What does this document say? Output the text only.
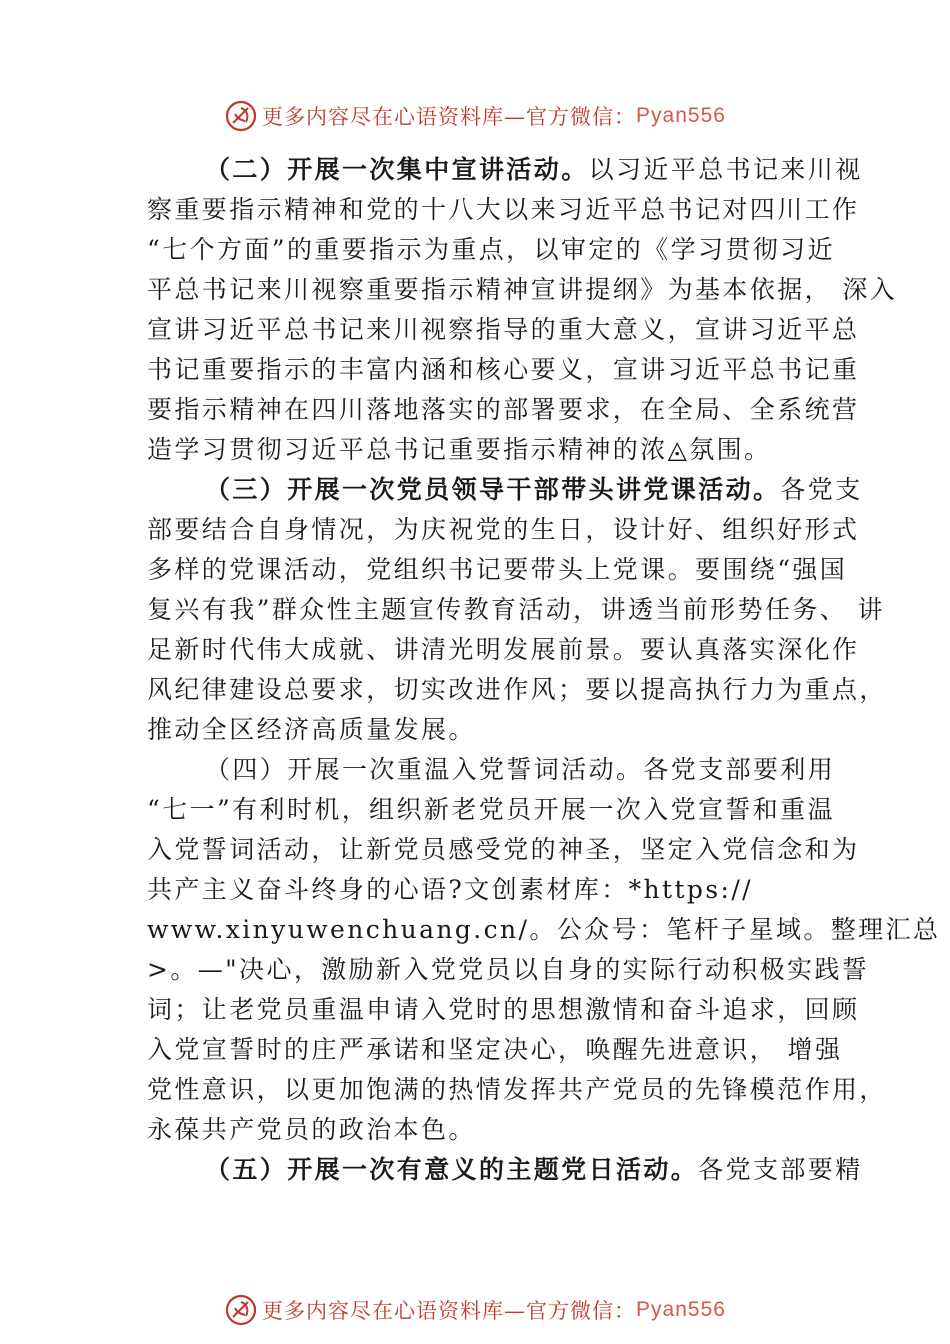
更多内容尽在心语资料库—官方微信： Pyan556
（二）开展一次集中宣讲活动。以习近平总书记来川视
察重要指示精神和党的十八大以来习近平总书记对四川工作
“七个方面”的重要指示为重点，以审定的《学习贯彻习近
平总书记来川视察重要指示精神宣讲提纲》为基本依据， 深入
宣讲习近平总书记来川视察指导的重大意义，宣讲习近平总
书记重要指示的丰富内涵和核心要义，宣讲习近平总书记重
要指示精神在四川落地落实的部署要求，在全局、全系统营
造学习贯彻习近平总书记重要指示精神的浓◬氛围。
（三）开展一次党员领导干部带头讲党课活动。各党支
部要结合自身情况，为庆祝党的生日，设计好、组织好形式
多样的党课活动，党组织书记要带头上党课。要围绕“强国
复兴有我”群众性主题宣传教育活动，讲透当前形势任务、 讲
足新时代伟大成就、讲清光明发展前景。要认真落实深化作
风纪律建设总要求，切实改进作风；要以提高执行力为重点，
推动全区经济高质量发展。
（四）开展一次重温入党誓词活动。各党支部要利用
“七一”有利时机，组织新老党员开展一次入党宣誓和重温
入党誓词活动，让新党员感受党的神圣，坚定入党信念和为
共产主义奋斗终身的心语?文创素材库：*https://
www.xinyuwenchuang.cn/。公众号：笔杆子星域。整理汇总
>。—"决心，激励新入党党员以自身的实际行动积极实践誓
词；让老党员重温申请入党时的思想激情和奋斗追求，回顾
入党宣誓时的庄严承诺和坚定决心，唤醒先进意识， 增强
党性意识，以更加饱满的热情发挥共产党员的先锋模范作用，
永葆共产党员的政治本色。
（五）开展一次有意义的主题党日活动。各党支部要精
更多内容尽在心语资料库—官方微信： Pyan556
